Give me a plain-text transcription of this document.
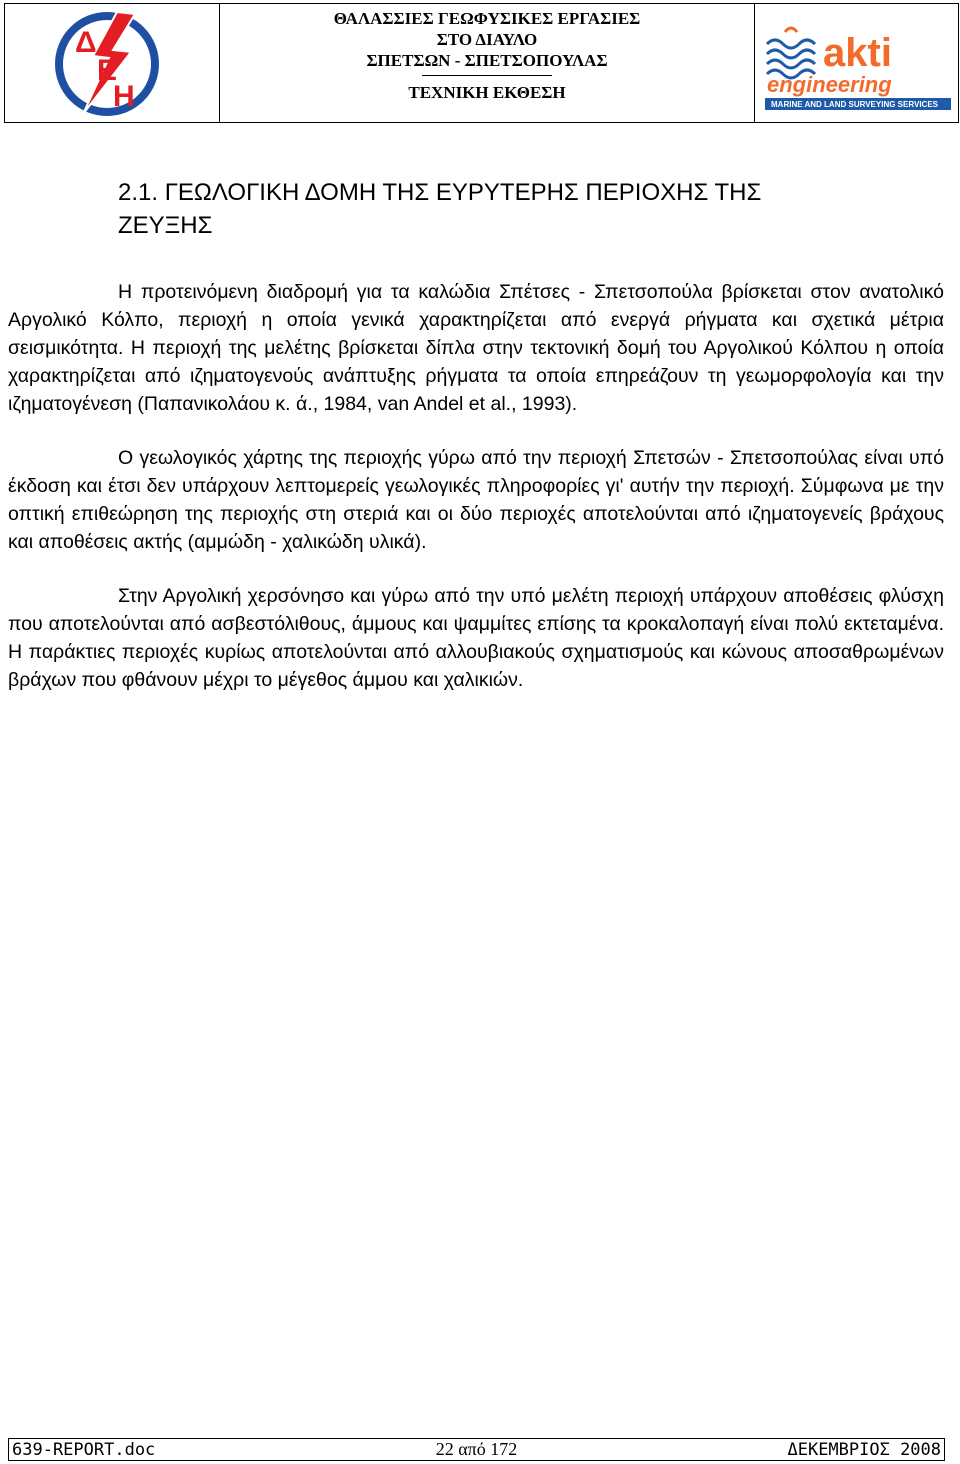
Δ
Ε
Η
ΘΑΛΑΣΣΙΕΣ ΓΕΩΦΥΣΙΚΕΣ ΕΡΓΑΣΙΕΣ
ΣΤΟ ΔΙΑΥΛΟ
ΣΠΕΤΣΩΝ - ΣΠΕΤΣΟΠΟΥΛΑΣ
ΤΕΧΝΙΚΗ ΕΚΘΕΣΗ
akti
engineering
MARINE AND LAND SURVEYING SERVICES
2.1. ΓΕΩΛΟΓΙΚΗ ΔΟΜΗ ΤΗΣ ΕΥΡΥΤΕΡΗΣ ΠΕΡΙΟΧΗΣ ΤΗΣ
ΖΕΥΞΗΣ

Η προτεινόμενη διαδρομή για τα καλώδια Σπέτσες - Σπετσοπούλα βρίσκεται στον ανατολικό Αργολικό Κόλπο, περιοχή η οποία γενικά χαρακτηρίζεται από ενεργά ρήγματα και σχετικά μέτρια σεισμικότητα. Η περιοχή της μελέτης βρίσκεται δίπλα στην τεκτονική δομή του Αργολικού Κόλπου η οποία χαρακτηρίζεται από ιζηματογενούς ανάπτυξης ρήγματα τα οποία επηρεάζουν τη γεωμορφολογία και την ιζηματογένεση (Παπανικολάου κ. ά., 1984, van Andel et al., 1993).

Ο γεωλογικός χάρτης της περιοχής γύρω από την περιοχή Σπετσών - Σπετσοπούλας είναι υπό έκδοση και έτσι δεν υπάρχουν λεπτομερείς γεωλογικές πληροφορίες γι' αυτήν την περιοχή. Σύμφωνα με την οπτική επιθεώρηση της περιοχής στη στεριά και οι δύο περιοχές αποτελούνται από ιζηματογενείς βράχους και αποθέσεις ακτής (αμμώδη - χαλικώδη υλικά).

Στην Αργολική χερσόνησο και γύρω από την υπό μελέτη περιοχή υπάρχουν αποθέσεις φλύσχη που αποτελούνται από ασβεστόλιθους, άμμους και ψαμμίτες επίσης τα κροκαλοπαγή είναι πολύ εκτεταμένα. Η παράκτιες περιοχές κυρίως αποτελούνται από αλλουβιακούς σχηματισμούς και κώνους αποσαθρωμένων βράχων που φθάνουν μέχρι το μέγεθος άμμου και χαλικιών.

639-REPORT.doc	22 από 172	ΔΕΚΕΜΒΡΙΟΣ 2008
